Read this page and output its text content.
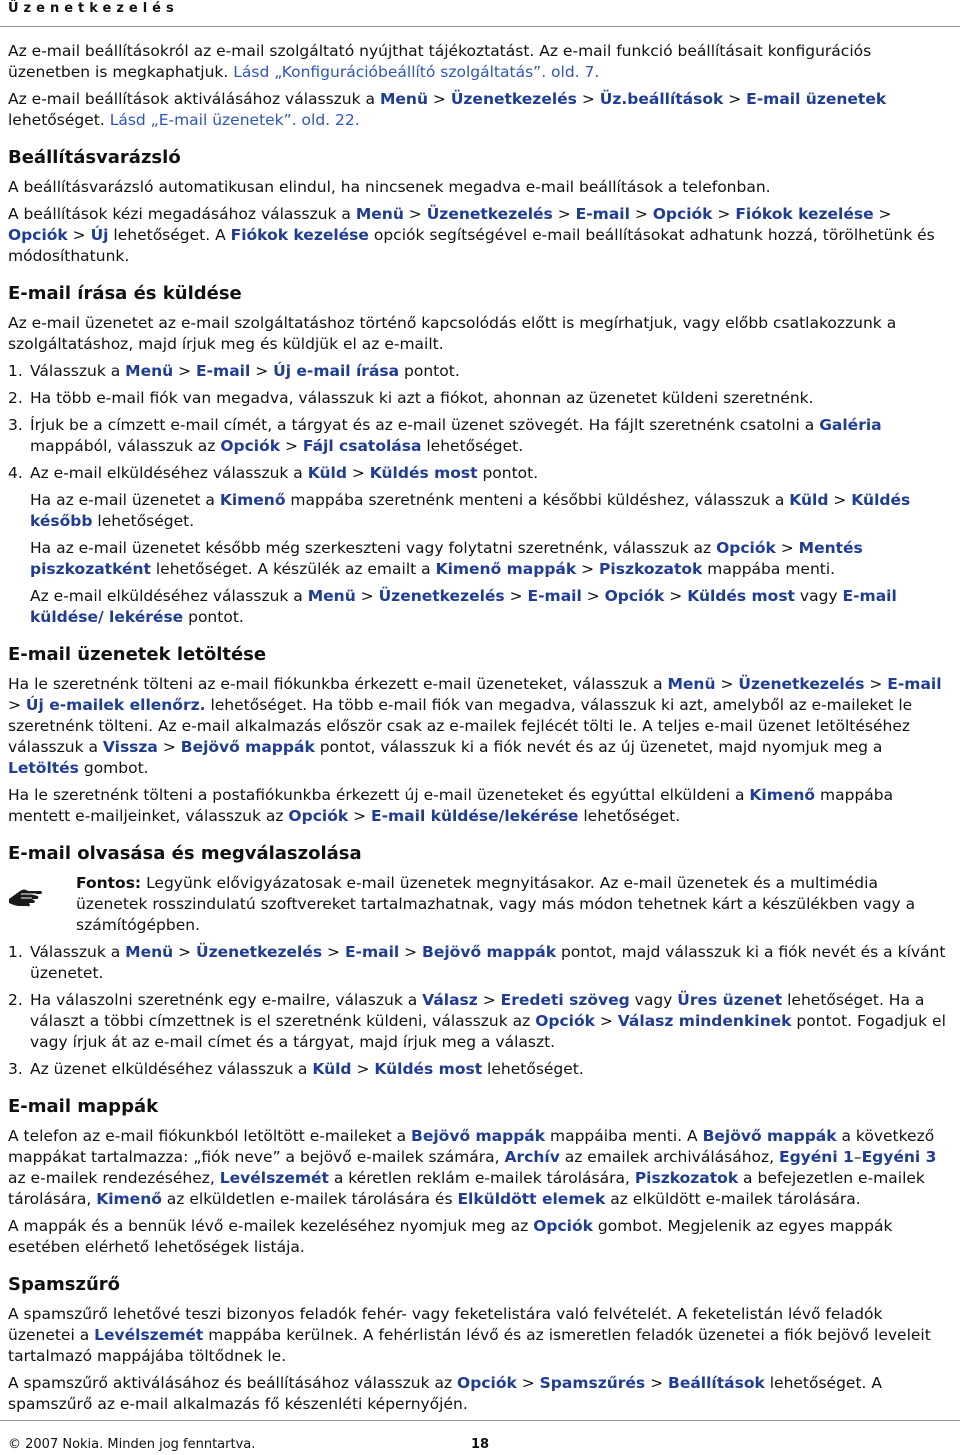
Üzenetkezelés

Az e-mail beállításokról az e-mail szolgáltató nyújthat tájékoztatást. Az e-mail funkció beállításait konfigurációs üzenetben is megkaphatjuk. Lásd „Konfigurációbeállító szolgáltatás”. old. 7.

Az e-mail beállítások aktiválásához válasszuk a Menü > Üzenetkezelés > Üz.beállítások > E-mail üzenetek lehetőséget. Lásd „E-mail üzenetek”. old. 22.

Beállításvarázsló

A beállításvarázsló automatikusan elindul, ha nincsenek megadva e-mail beállítások a telefonban.

A beállítások kézi megadásához válasszuk a Menü > Üzenetkezelés > E-mail > Opciók > Fiókok kezelése > Opciók > Új lehetőséget. A Fiókok kezelése opciók segítségével e-mail beállításokat adhatunk hozzá, törölhetünk és módosíthatunk.

E-mail írása és küldése

Az e-mail üzenetet az e-mail szolgáltatáshoz történő kapcsolódás előtt is megírhatjuk, vagy előbb csatlakozzunk a szolgáltatáshoz, majd írjuk meg és küldjük el az e-mailt.

1. Válasszuk a Menü > E-mail > Új e-mail írása pontot.
2. Ha több e-mail fiók van megadva, válasszuk ki azt a fiókot, ahonnan az üzenetet küldeni szeretnénk.
3. Írjuk be a címzett e-mail címét, a tárgyat és az e-mail üzenet szövegét. Ha fájlt szeretnénk csatolni a Galéria mappából, válasszuk az Opciók > Fájl csatolása lehetőséget.
4. Az e-mail elküldéséhez válasszuk a Küld > Küldés most pontot.

Ha az e-mail üzenetet a Kimenő mappába szeretnénk menteni a későbbi küldéshez, válasszuk a Küld > Küldés később lehetőséget.

Ha az e-mail üzenetet később még szerkeszteni vagy folytatni szeretnénk, válasszuk az Opciók > Mentés piszkozatként lehetőséget. A készülék az emailt a Kimenő mappák > Piszkozatok mappába menti.

Az e-mail elküldéséhez válasszuk a Menü > Üzenetkezelés > E-mail > Opciók > Küldés most vagy E-mail küldése/ lekérése pontot.

E-mail üzenetek letöltése

Ha le szeretnénk tölteni az e-mail fiókunkba érkezett e-mail üzeneteket, válasszuk a Menü > Üzenetkezelés > E-mail > Új e-mailek ellenőrz. lehetőséget. Ha több e-mail fiók van megadva, válasszuk ki azt, amelyből az e-maileket le szeretnénk tölteni. Az e-mail alkalmazás először csak az e-mailek fejlécét tölti le. A teljes e-mail üzenet letöltéséhez válasszuk a Vissza > Bejövő mappák pontot, válasszuk ki a fiók nevét és az új üzenetet, majd nyomjuk meg a Letöltés gombot.

Ha le szeretnénk tölteni a postafiókunkba érkezett új e-mail üzeneteket és egyúttal elküldeni a Kimenő mappába mentett e-mailjeinket, válasszuk az Opciók > E-mail küldése/lekérése lehetőséget.

E-mail olvasása és megválaszolása

Fontos: Legyünk elővigyázatosak e-mail üzenetek megnyitásakor. Az e-mail üzenetek és a multimédia üzenetek rosszindulatú szoftvereket tartalmazhatnak, vagy más módon tehetnek kárt a készülékben vagy a számítógépben.

1. Válasszuk a Menü > Üzenetkezelés > E-mail > Bejövő mappák pontot, majd válasszuk ki a fiók nevét és a kívánt üzenetet.
2. Ha válaszolni szeretnénk egy e-mailre, válaszuk a Válasz > Eredeti szöveg vagy Üres üzenet lehetőséget. Ha a választ a többi címzettnek is el szeretnénk küldeni, válasszuk az Opciók > Válasz mindenkinek pontot. Fogadjuk el vagy írjuk át az e-mail címet és a tárgyat, majd írjuk meg a választ.
3. Az üzenet elküldéséhez válasszuk a Küld > Küldés most lehetőséget.
E-mail mappák

A telefon az e-mail fiókunkból letöltött e-maileket a Bejövő mappák mappáiba menti. A Bejövő mappák a következő mappákat tartalmazza: „fiók neve” a bejövő e-mailek számára, Archív az emailek archiválásához, Egyéni 1–Egyéni 3 az e-mailek rendezéséhez, Levélszemét a kéretlen reklám e-mailek tárolására, Piszkozatok a befejezetlen e-mailek tárolására, Kimenő az elküldetlen e-mailek tárolására és Elküldött elemek az elküldött e-mailek tárolására.

A mappák és a bennük lévő e-mailek kezeléséhez nyomjuk meg az Opciók gombot. Megjelenik az egyes mappák esetében elérhető lehetőségek listája.

Spamszűrő

A spamszűrő lehetővé teszi bizonyos feladók fehér- vagy feketelistára való felvételét. A feketelistán lévő feladók üzenetei a Levélszemét mappába kerülnek. A fehérlistán lévő és az ismeretlen feladók üzenetei a fiók bejövő leveleit tartalmazó mappájába töltődnek le.

A spamszűrő aktiválásához és beállításához válasszuk az Opciók > Spamszűrés > Beállítások lehetőséget. A spamszűrő az e-mail alkalmazás fő készenléti képernyőjén.

© 2007 Nokia. Minden jog fenntartva.	18
